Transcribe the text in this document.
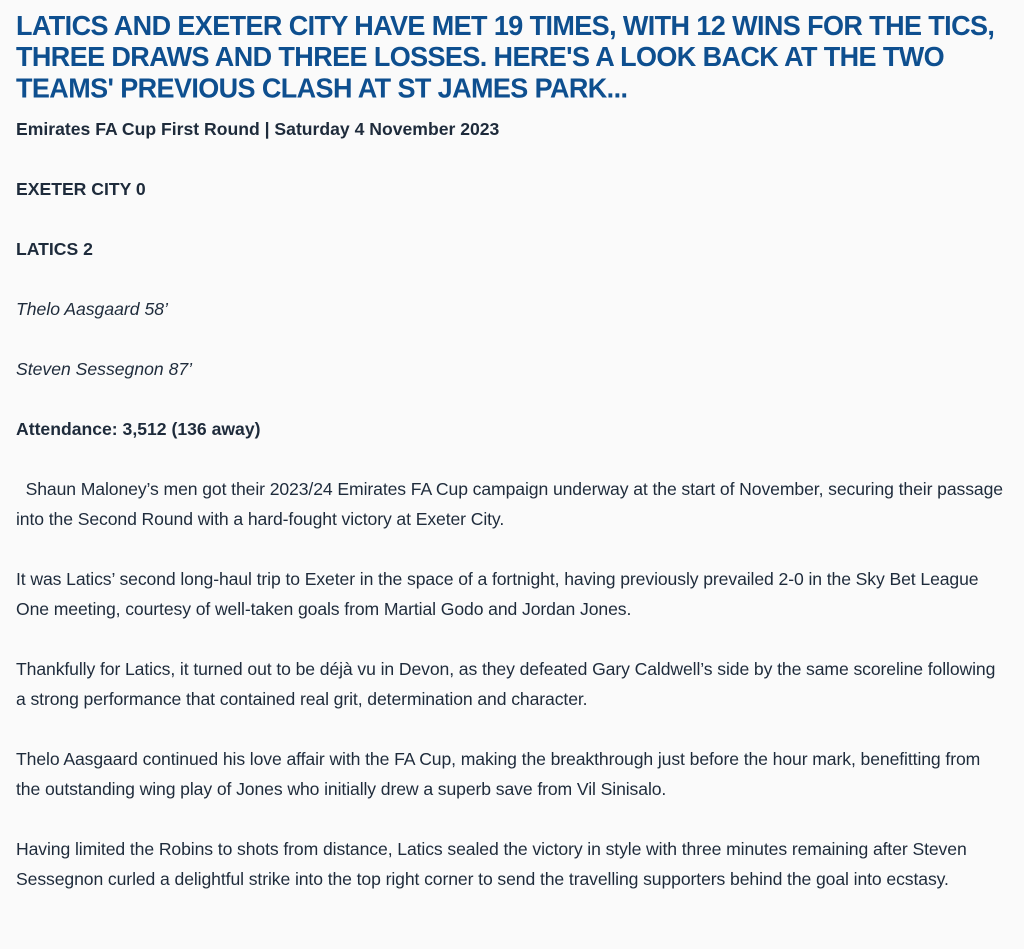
LATICS AND EXETER CITY HAVE MET 19 TIMES, WITH 12 WINS FOR THE TICS, THREE DRAWS AND THREE LOSSES. HERE'S A LOOK BACK AT THE TWO TEAMS' PREVIOUS CLASH AT ST JAMES PARK...

Emirates FA Cup First Round | Saturday 4 November 2023

EXETER CITY 0

LATICS 2

Thelo Aasgaard 58’

Steven Sessegnon 87’

Attendance: 3,512 (136 away)

Shaun Maloney’s men got their 2023/24 Emirates FA Cup campaign underway at the start of November, securing their passage into the Second Round with a hard-fought victory at Exeter City.

It was Latics’ second long-haul trip to Exeter in the space of a fortnight, having previously prevailed 2-0 in the Sky Bet League One meeting, courtesy of well-taken goals from Martial Godo and Jordan Jones.

Thankfully for Latics, it turned out to be déjà vu in Devon, as they defeated Gary Caldwell’s side by the same scoreline following a strong performance that contained real grit, determination and character.

Thelo Aasgaard continued his love affair with the FA Cup, making the breakthrough just before the hour mark, benefitting from the outstanding wing play of Jones who initially drew a superb save from Vil Sinisalo.

Having limited the Robins to shots from distance, Latics sealed the victory in style with three minutes remaining after Steven Sessegnon curled a delightful strike into the top right corner to send the travelling supporters behind the goal into ecstasy.
